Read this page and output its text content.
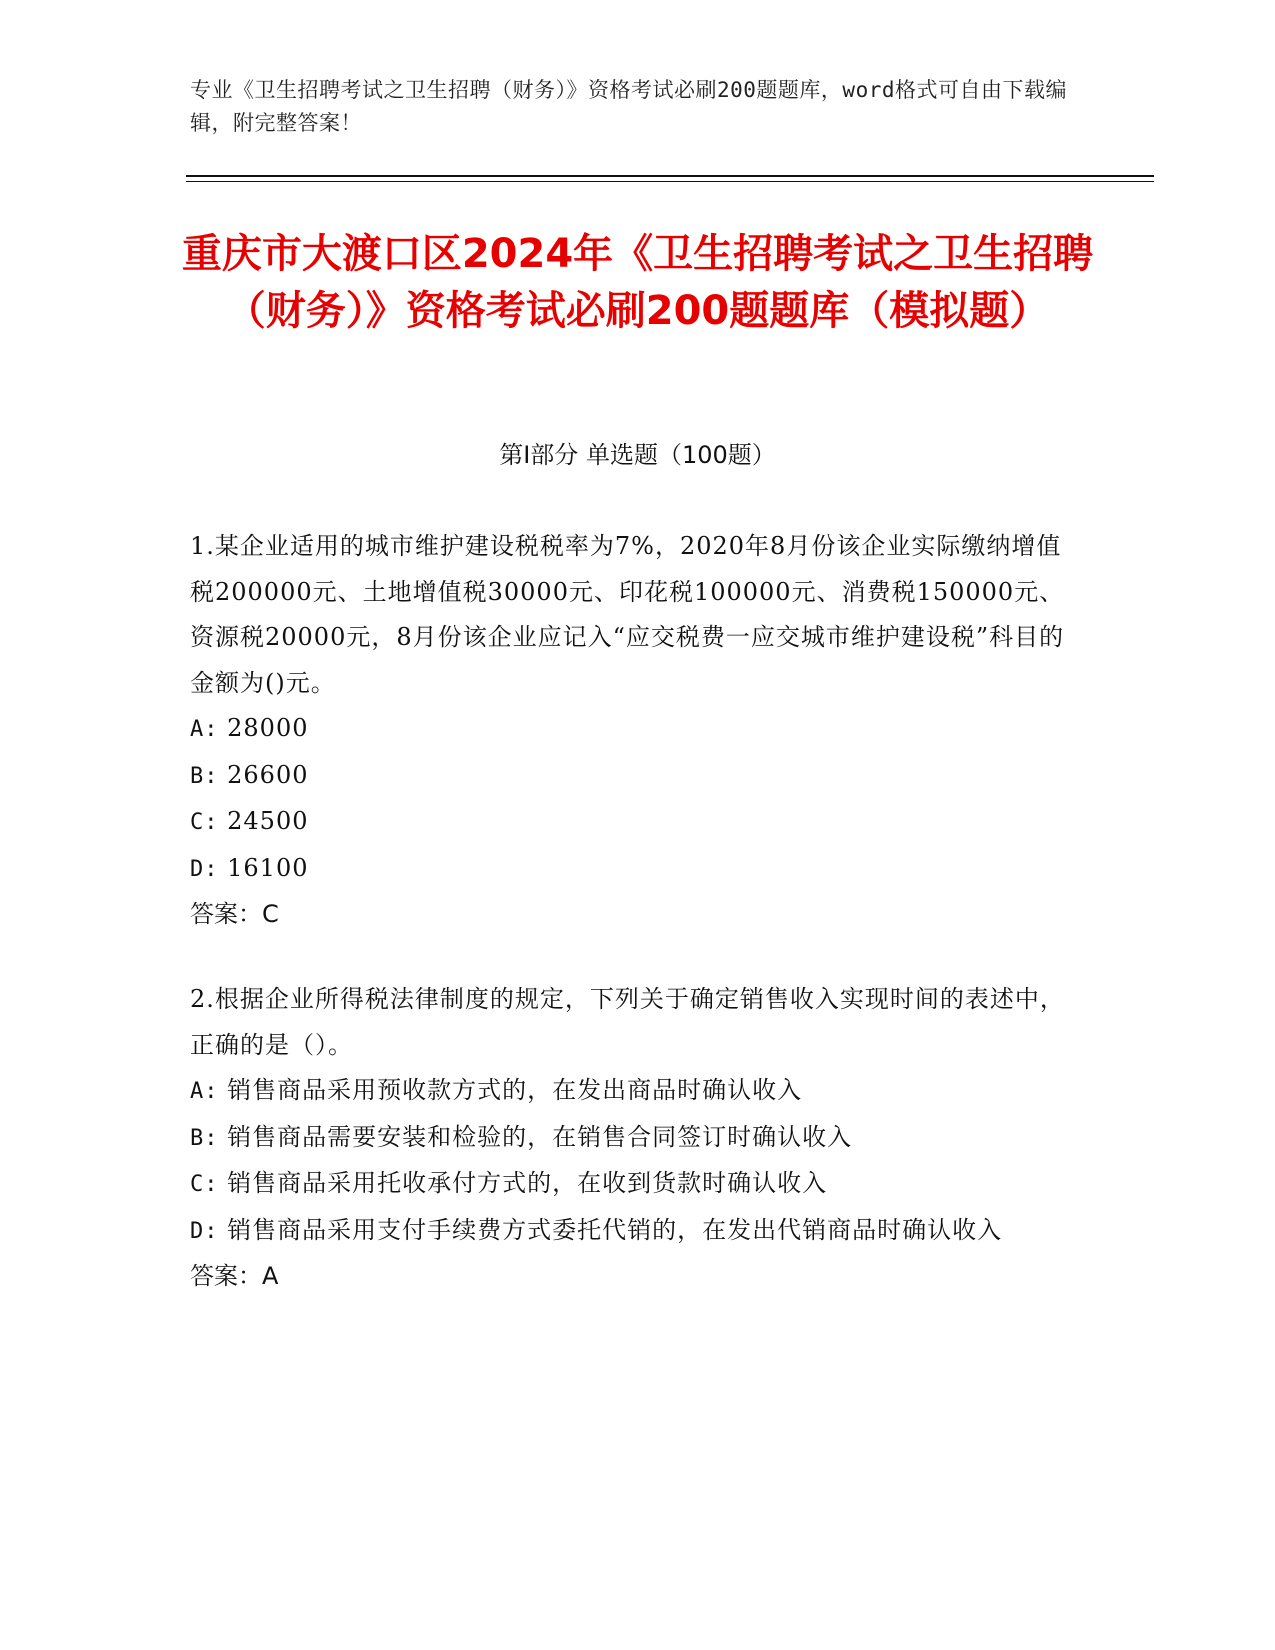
专业《卫生招聘考试之卫生招聘（财务）》资格考试必刷200题题库，word格式可自由下载编辑，附完整答案！
重庆市大渡口区2024年《卫生招聘考试之卫生招聘（财务）》资格考试必刷200题题库（模拟题）
第I部分 单选题（100题）
1.某企业适用的城市维护建设税税率为7%，2020年8月份该企业实际缴纳增值税200000元、土地增值税30000元、印花税100000元、消费税150000元、资源税20000元，8月份该企业应记入“应交税费一应交城市维护建设税”科目的金额为()元。
A: 28000
B: 26600
C: 24500
D: 16100
答案：C
2.根据企业所得税法律制度的规定，下列关于确定销售收入实现时间的表述中，正确的是（）。
A: 销售商品采用预收款方式的，在发出商品时确认收入
B: 销售商品需要安装和检验的，在销售合同签订时确认收入
C: 销售商品采用托收承付方式的，在收到货款时确认收入
D: 销售商品采用支付手续费方式委托代销的，在发出代销商品时确认收入
答案：A
